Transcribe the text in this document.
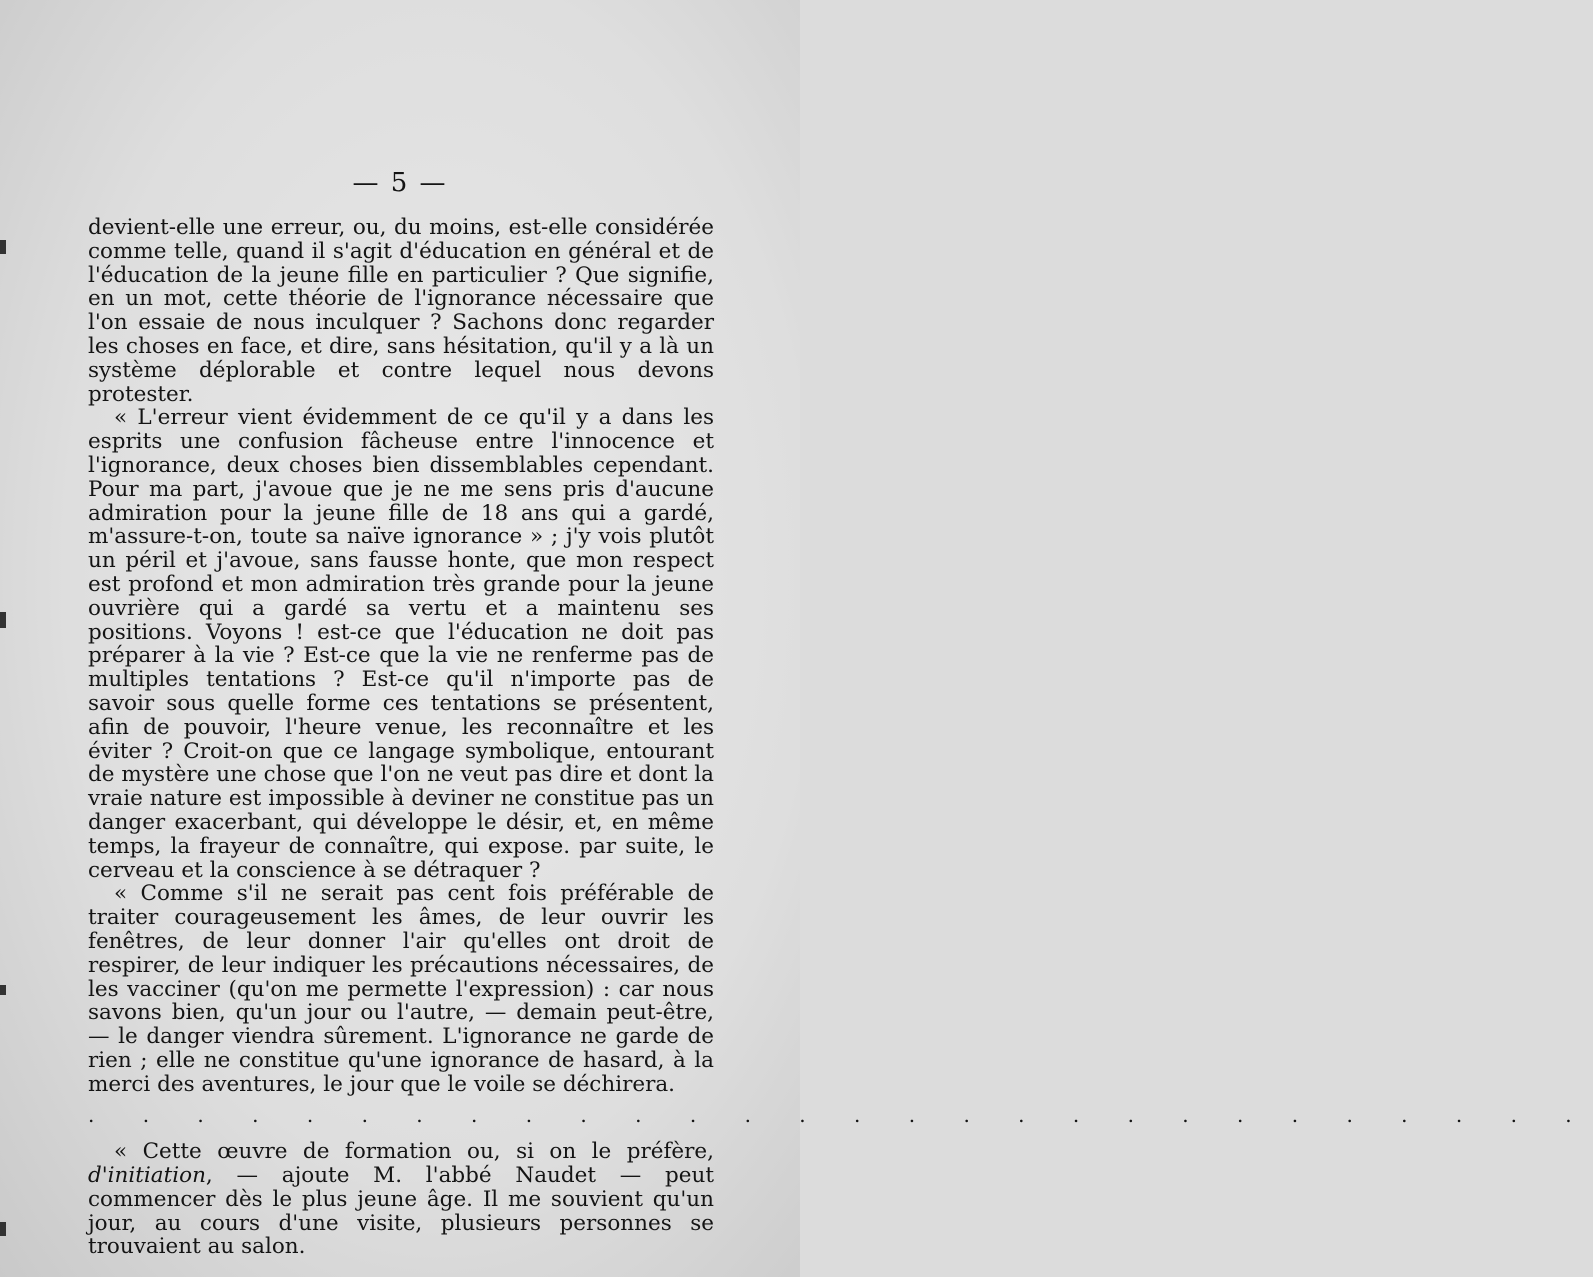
— 5 —

devient-elle une erreur, ou, du moins, est-elle considérée comme telle, quand il s'agit d'éducation en général et de l'éducation de la jeune fille en particulier ? Que signifie, en un mot, cette théorie de l'ignorance nécessaire que l'on essaie de nous inculquer ? Sachons donc regarder les choses en face, et dire, sans hésitation, qu'il y a là un système déplorable et contre lequel nous devons protester.

« L'erreur vient évidemment de ce qu'il y a dans les esprits une confusion fâcheuse entre l'innocence et l'ignorance, deux choses bien dissemblables cependant. Pour ma part, j'avoue que je ne me sens pris d'aucune admiration pour la jeune fille de 18 ans qui a gardé, m'assure-t-on, toute sa naïve ignorance » ; j'y vois plutôt un péril et j'avoue, sans fausse honte, que mon respect est profond et mon admiration très grande pour la jeune ouvrière qui a gardé sa vertu et a maintenu ses positions. Voyons ! est-ce que l'éducation ne doit pas préparer à la vie ? Est-ce que la vie ne renferme pas de multiples tentations ? Est-ce qu'il n'importe pas de savoir sous quelle forme ces tentations se présentent, afin de pouvoir, l'heure venue, les reconnaître et les éviter ? Croit-on que ce langage symbolique, entourant de mystère une chose que l'on ne veut pas dire et dont la vraie nature est impossible à deviner ne constitue pas un danger exacerbant, qui développe le désir, et, en même temps, la frayeur de connaître, qui expose. par suite, le cerveau et la conscience à se détraquer ?

« Comme s'il ne serait pas cent fois préférable de traiter courageusement les âmes, de leur ouvrir les fenêtres, de leur donner l'air qu'elles ont droit de respirer, de leur indiquer les précautions nécessaires, de les vacciner (qu'on me permette l'expression) : car nous savons bien, qu'un jour ou l'autre, — demain peut-être, — le danger viendra sûrement. L'ignorance ne garde de rien ; elle ne constitue qu'une ignorance de hasard, à la merci des aventures, le jour que le voile se déchirera.

. . . . . . . . . . . . . . . . . . . . . . . . . . . .

« Cette œuvre de formation ou, si on le préfère, d'initiation, — ajoute M. l'abbé Naudet — peut commencer dès le plus jeune âge. Il me souvient qu'un jour, au cours d'une visite, plusieurs personnes se trouvaient au salon.
